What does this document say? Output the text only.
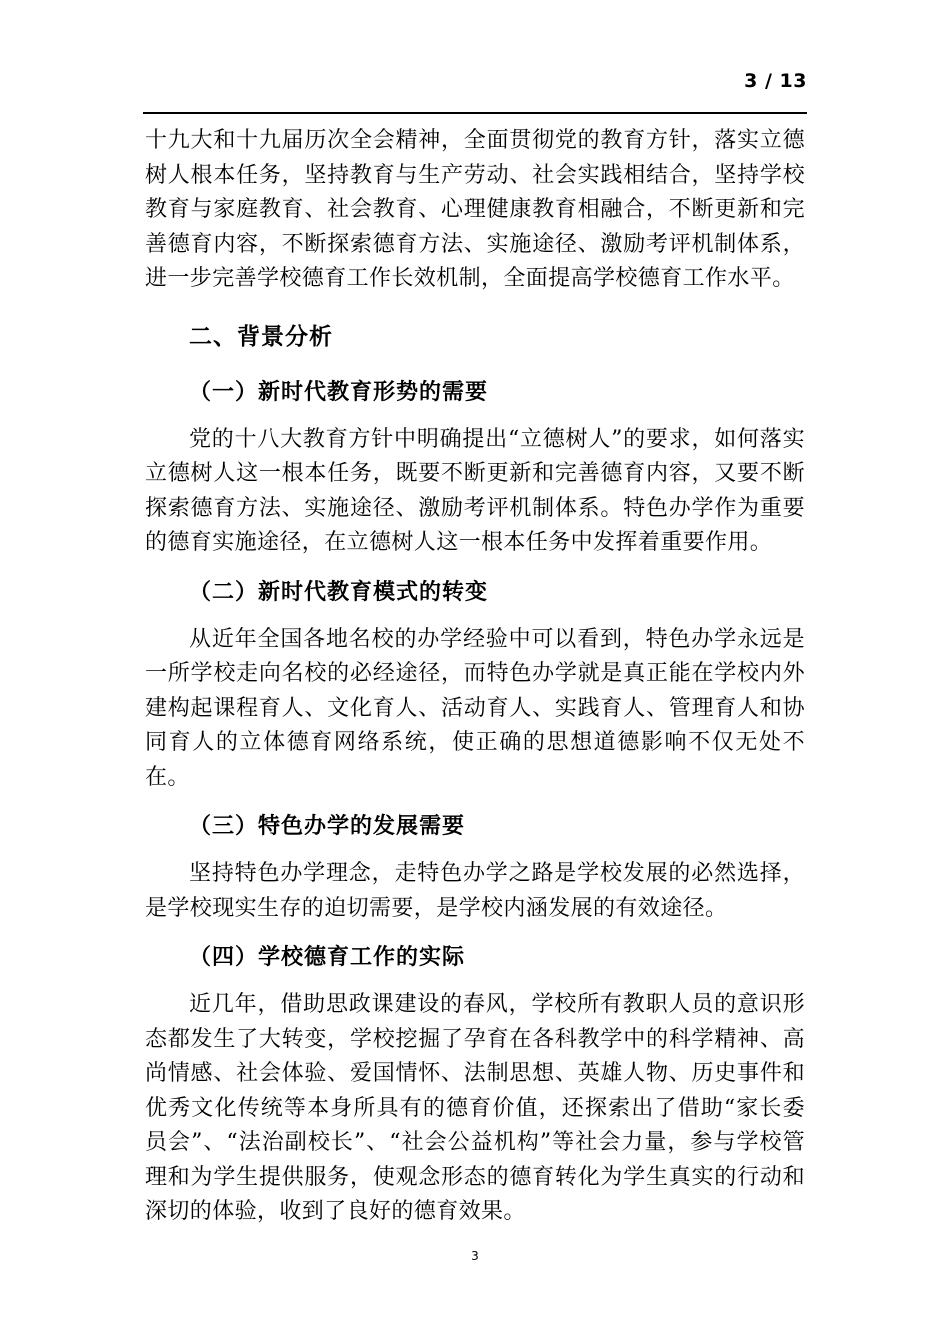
3 / 13

十九大和十九届历次全会精神，全面贯彻党的教育方针，落实立德树人根本任务，坚持教育与生产劳动、社会实践相结合，坚持学校教育与家庭教育、社会教育、心理健康教育相融合，不断更新和完善德育内容，不断探索德育方法、实施途径、激励考评机制体系，进一步完善学校德育工作长效机制，全面提高学校德育工作水平。

二、背景分析
（一）新时代教育形势的需要

党的十八大教育方针中明确提出“立德树人”的要求，如何落实立德树人这一根本任务，既要不断更新和完善德育内容，又要不断探索德育方法、实施途径、激励考评机制体系。特色办学作为重要的德育实施途径，在立德树人这一根本任务中发挥着重要作用。

（二）新时代教育模式的转变

从近年全国各地名校的办学经验中可以看到，特色办学永远是一所学校走向名校的必经途径，而特色办学就是真正能在学校内外建构起课程育人、文化育人、活动育人、实践育人、管理育人和协同育人的立体德育网络系统，使正确的思想道德影响不仅无处不在。

（三）特色办学的发展需要

坚持特色办学理念，走特色办学之路是学校发展的必然选择，是学校现实生存的迫切需要，是学校内涵发展的有效途径。

（四）学校德育工作的实际

近几年，借助思政课建设的春风，学校所有教职人员的意识形态都发生了大转变，学校挖掘了孕育在各科教学中的科学精神、高尚情感、社会体验、爱国情怀、法制思想、英雄人物、历史事件和优秀文化传统等本身所具有的德育价值，还探索出了借助“家长委员会”、“法治副校长”、“社会公益机构”等社会力量，参与学校管理和为学生提供服务，使观念形态的德育转化为学生真实的行动和深切的体验，收到了良好的德育效果。

3
